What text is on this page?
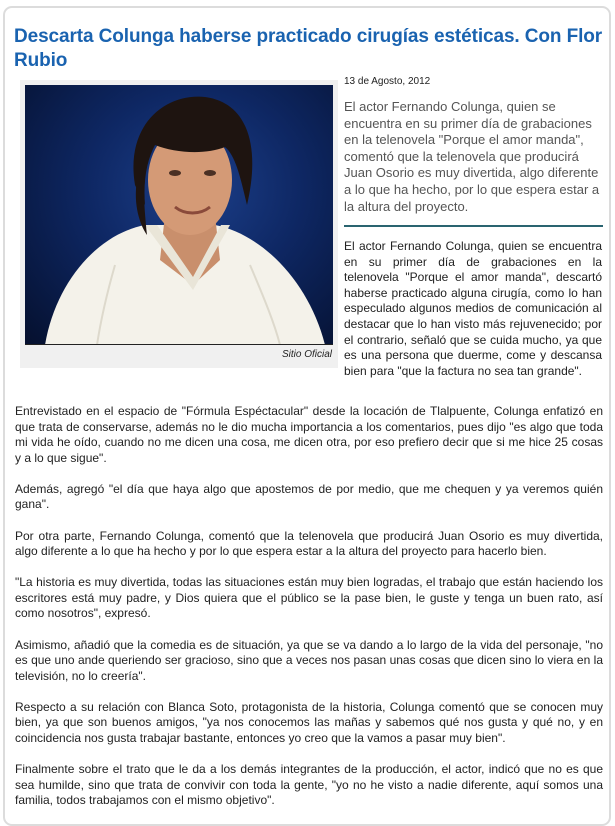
Descarta Colunga haberse practicado cirugías estéticas. Con Flor Rubio
Sitio Oficial
13 de Agosto, 2012

El actor Fernando Colunga, quien se encuentra en su primer día de grabaciones en la telenovela "Porque el amor manda", comentó que la telenovela que producirá Juan Osorio es muy divertida, algo diferente a lo que ha hecho, por lo que espera estar a la altura del proyecto.

El actor Fernando Colunga, quien se encuentra en su primer día de grabaciones en la telenovela "Porque el amor manda", descartó haberse practicado alguna cirugía, como lo han especulado algunos medios de comunicación al destacar que lo han visto más rejuvenecido; por el contrario, señaló que se cuida mucho, ya que es una persona que duerme, come y descansa bien para "que la factura no sea tan grande".

Entrevistado en el espacio de "Fórmula Espéctacular" desde la locación de Tlalpuente, Colunga enfatizó en que trata de conservarse, además no le dio mucha importancia a los comentarios, pues dijo "es algo que toda mi vida he oído, cuando no me dicen una cosa, me dicen otra, por eso prefiero decir que si me hice 25 cosas y a lo que sigue".

Además, agregó "el día que haya algo que apostemos de por medio, que me chequen y ya veremos quién gana".

Por otra parte, Fernando Colunga, comentó que la telenovela que producirá Juan Osorio es muy divertida, algo diferente a lo que ha hecho y por lo que espera estar a la altura del proyecto para hacerlo bien.

"La historia es muy divertida, todas las situaciones están muy bien logradas, el trabajo que están haciendo los escritores está muy padre, y Dios quiera que el público se la pase bien, le guste y tenga un buen rato, así como nosotros", expresó.

Asimismo, añadió que la comedia es de situación, ya que se va dando a lo largo de la vida del personaje, "no es que uno ande queriendo ser gracioso, sino que a veces nos pasan unas cosas que dicen sino lo viera en la televisión, no lo creería".

Respecto a su relación con Blanca Soto, protagonista de la historia, Colunga comentó que se conocen muy bien, ya que son buenos amigos, "ya nos conocemos las mañas y sabemos qué nos gusta y qué no, y en coincidencia nos gusta trabajar bastante, entonces yo creo que la vamos a pasar muy bien".

Finalmente sobre el trato que le da a los demás integrantes de la producción, el actor, indicó que no es que sea humilde, sino que trata de convivir con toda la gente, "yo no he visto a nadie diferente, aquí somos una familia, todos trabajamos con el mismo objetivo".
